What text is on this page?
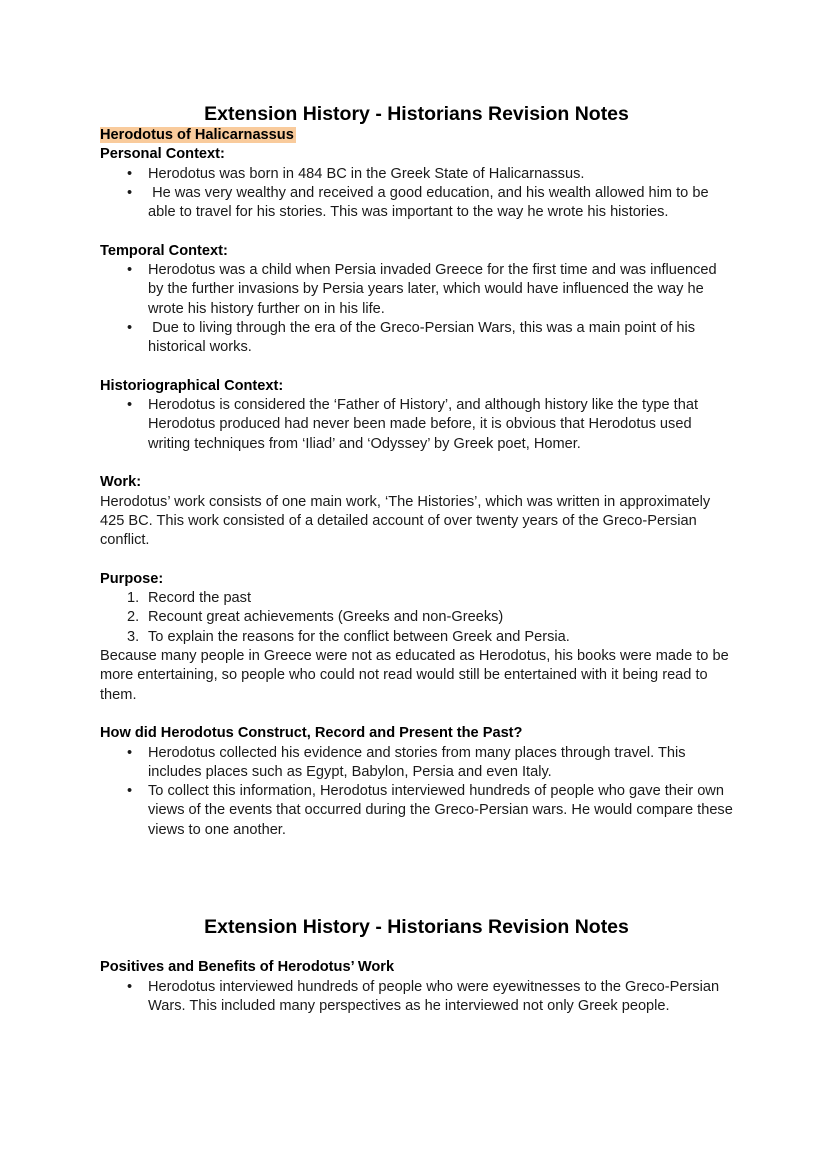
Extension History - Historians Revision Notes
Herodotus of Halicarnassus
Personal Context:
• Herodotus was born in 484 BC in the Greek State of Halicarnassus.
•  He was very wealthy and received a good education, and his wealth allowed him to be able to travel for his stories. This was important to the way he wrote his histories.
Temporal Context:
• Herodotus was a child when Persia invaded Greece for the first time and was influenced by the further invasions by Persia years later, which would have influenced the way he wrote his history further on in his life.
•  Due to living through the era of the Greco-Persian Wars, this was a main point of his historical works.
Historiographical Context:
• Herodotus is considered the ‘Father of History’, and although history like the type that Herodotus produced had never been made before, it is obvious that Herodotus used writing techniques from ‘Iliad’ and ‘Odyssey’ by Greek poet, Homer.
Work:

Herodotus’ work consists of one main work, ‘The Histories’, which was written in approximately 425 BC. This work consisted of a detailed account of over twenty years of the Greco-Persian conflict.

Purpose:
Record the past
Recount great achievements (Greeks and non-Greeks)
To explain the reasons for the conflict between Greek and Persia.

Because many people in Greece were not as educated as Herodotus, his books were made to be more entertaining, so people who could not read would still be entertained with it being read to them.

How did Herodotus Construct, Record and Present the Past?
• Herodotus collected his evidence and stories from many places through travel. This includes places such as Egypt, Babylon, Persia and even Italy.
• To collect this information, Herodotus interviewed hundreds of people who gave their own views of the events that occurred during the Greco-Persian wars. He would compare these views to one another.
Extension History - Historians Revision Notes
Positives and Benefits of Herodotus’ Work
• Herodotus interviewed hundreds of people who were eyewitnesses to the Greco-Persian Wars. This included many perspectives as he interviewed not only Greek people.
